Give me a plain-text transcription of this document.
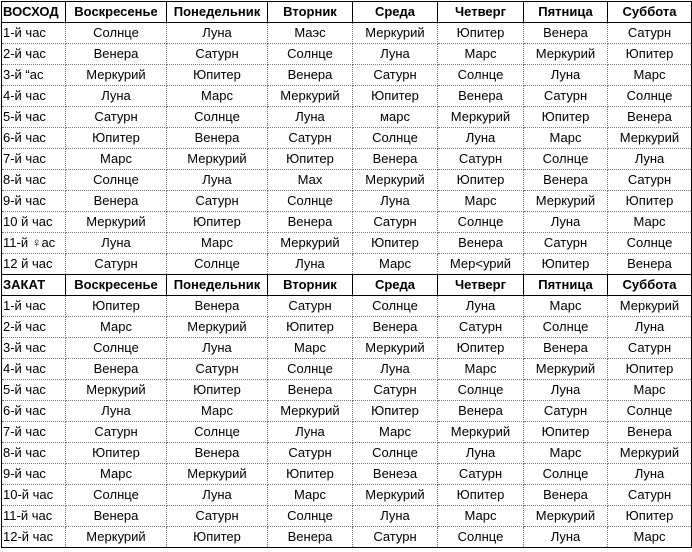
ВОСХОД	Воскресенье	Понедельник	Вторник	Среда	Четверг	Пятница	Суббота
1-й час	Солнце	Луна	Маэс	Меркурий	Юпитер	Венера	Сатурн
2-й час	Венера	Сатурн	Солнце	Луна	Марс	Меркурий	Юпитер
3-й “ас	Меркурий	Юпитер	Венера	Сатурн	Солнце	Луна	Марс
4-й час	Луна	Марс	Меркурий	Юпитер	Венера	Сатурн	Солнце
5-й час	Сатурн	Солнце	Луна	марс	Меркурий	Юпитер	Венера
6-й час	Юпитер	Венера	Сатурн	Солнце	Луна	Марс	Меркурий
7-й час	Марс	Меркурий	Юпитер	Венера	Сатурн	Солнце	Луна
8-й час	Солнце	Луна	Мах	Меркурий	Юпитер	Венера	Сатурн
9-й час	Венера	Сатурн	Солнце	Луна	Марс	Меркурий	Юпитер
10 й час	Меркурий	Юпитер	Венера	Сатурн	Солнце	Луна	Марс
11-й ♀ас	Луна	Марс	Меркурий	Юпитер	Венера	Сатурн	Солнце
12 й час	Сатурн	Солнце	Луна	Марс	Мер<урий	Юпитер	Венера
ЗАКАТ	Воскресенье	Понедельник	Вторник	Среда	Четверг	Пятница	Суббота
1-й час	Юпитер	Венера	Сатурн	Солнце	Луна	Марс	Меркурий
2-й час	Марс	Меркурий	Юпитер	Венера	Сатурн	Солнце	Луна
3-й час	Солнце	Луна	Марс	Меркурий	Юпитер	Венера	Сатурн
4-й час	Венера	Сатурн	Солнце	Луна	Марс	Меркурий	Юпитер
5-й час	Меркурий	Юпитер	Венера	Сатурн	Солнце	Луна	Марс
6-й час	Луна	Марс	Меркурий	Юпитер	Венера	Сатурн	Солнце
7-й час	Сатурн	Солнце	Луна	Марс	Меркурий	Юпитер	Венера
8-й час	Юпитер	Венера	Сатурн	Солнце	Луна	Марс	Меркурий
9-й час	Марс	Меркурий	Юпитер	Венеэа	Сатурн	Солнце	Луна
10-й час	Солнце	Луна	Марс	Меркурий	Юпитер	Венера	Сатурн
11-й час	Венера	Сатурн	Солнце	Луна	Марс	Меркурий	Юпитер
12-й час	Меркурий	Юпитер	Венера	Сатурн	Солнце	Луна	Марс
